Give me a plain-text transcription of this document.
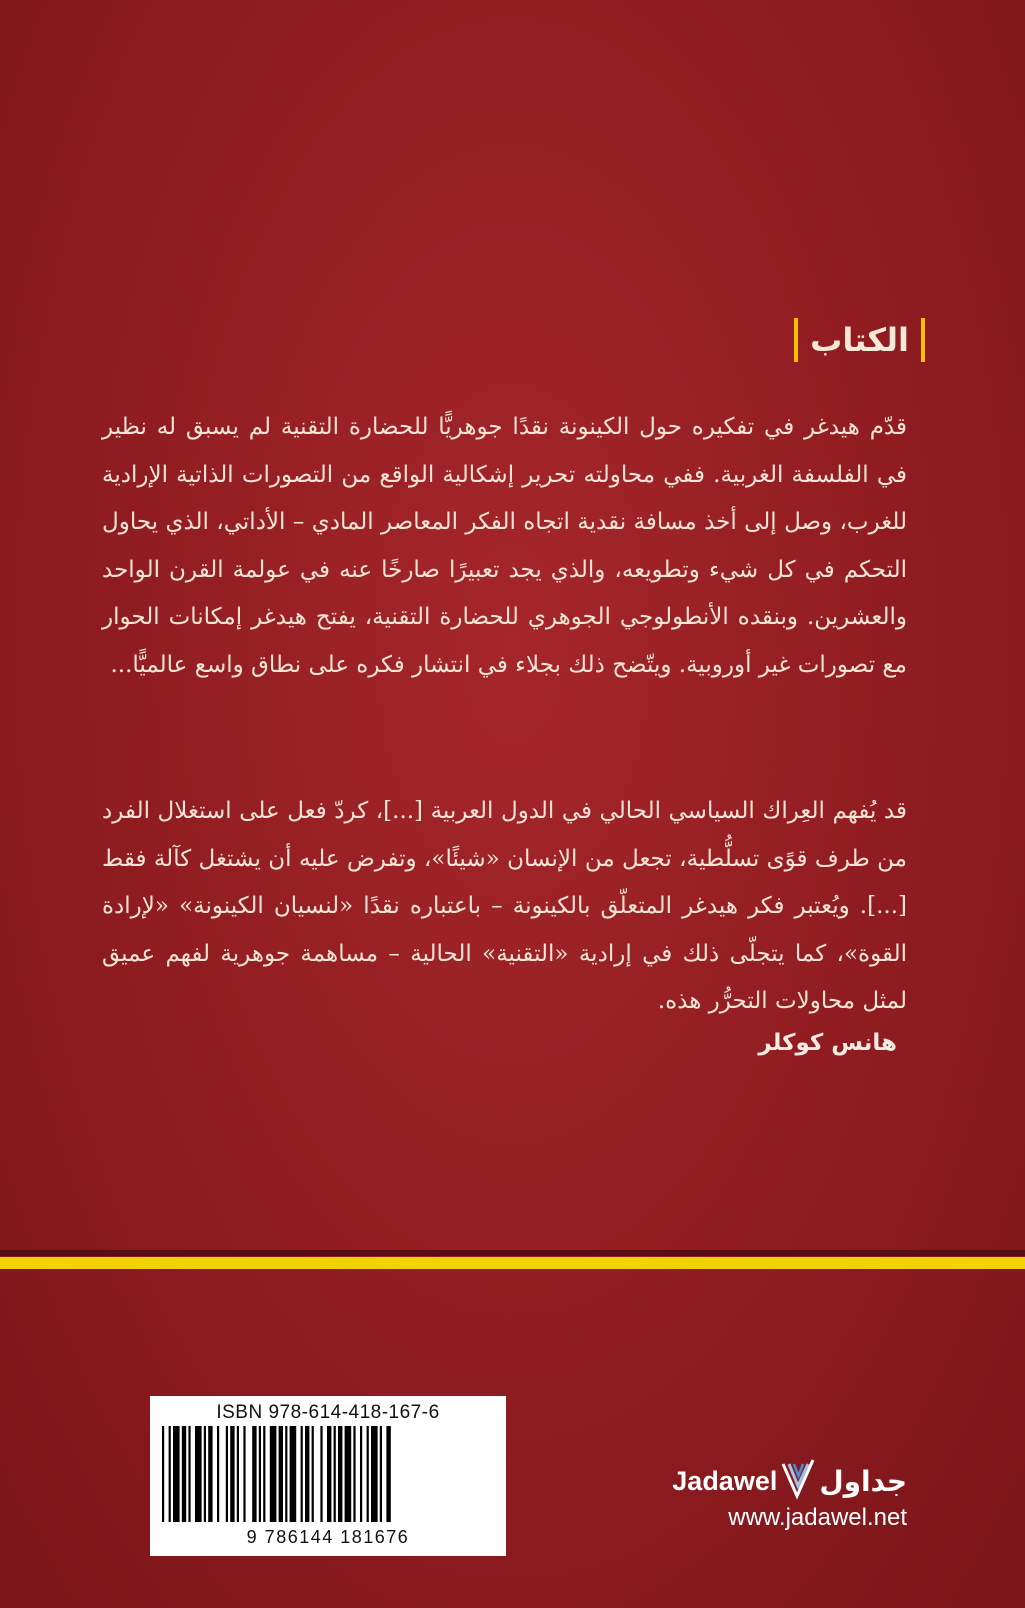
الكتاب

قدّم هيدغر في تفكيره حول الكينونة نقدًا جوهريًّا للحضارة التقنية لم يسبق له نظير في الفلسفة الغربية. ففي محاولته تحرير إشكالية الواقع من التصورات الذاتية الإرادية للغرب، وصل إلى أخذ مسافة نقدية اتجاه الفكر المعاصر المادي – الأداتي، الذي يحاول التحكم في كل شيء وتطويعه، والذي يجد تعبيرًا صارخًا عنه في عولمة القرن الواحد والعشرين. وبنقده الأنطولوجي الجوهري للحضارة التقنية، يفتح هيدغر إمكانات الحوار مع تصورات غير أوروبية. ويتّضح ذلك بجلاء في انتشار فكره على نطاق واسع عالميًّا...

قد يُفهم العِراك السياسي الحالي في الدول العربية [...]، كردّ فعل على استغلال الفرد من طرف قوًى تسلُّطية، تجعل من الإنسان «شيئًا»، وتفرض عليه أن يشتغل كآلة فقط [...]. ويُعتبر فكر هيدغر المتعلّق بالكينونة – باعتباره نقدًا «لنسيان الكينونة» «لإرادة القوة»، كما يتجلّى ذلك في إرادية «التقنية» الحالية – مساهمة جوهرية لفهم عميق لمثل محاولات التحرُّر هذه.

هانس كوكلر
ISBN 978-614-418-167-6
9 786144 181676
Jadawel جداول
www.jadawel.net
